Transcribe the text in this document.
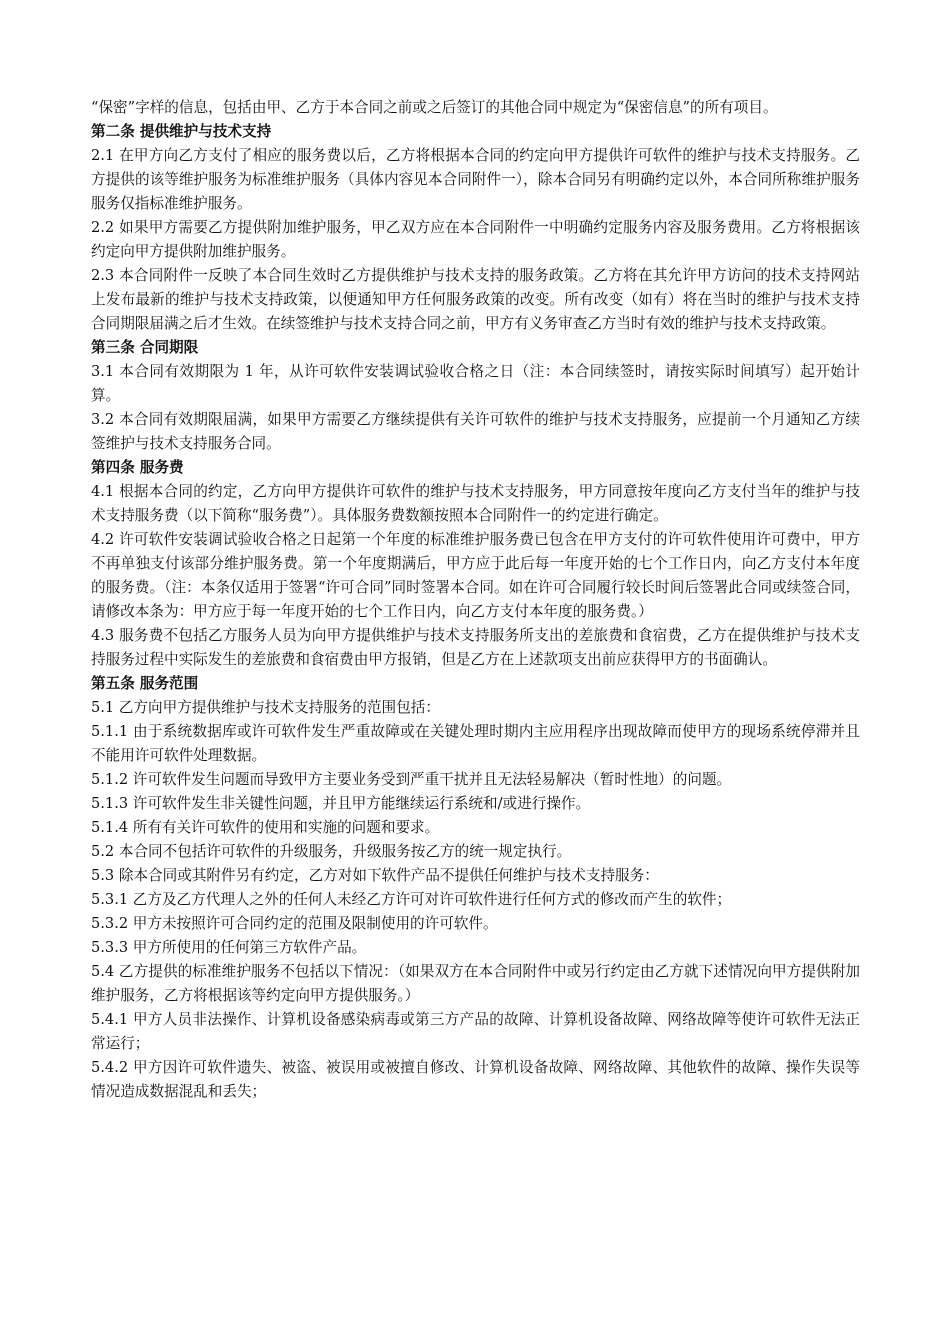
“保密”字样的信息，包括由甲、乙方于本合同之前或之后签订的其他合同中规定为“保密信息”的所有项目。

第二条 提供维护与技术支持

2.1 在甲方向乙方支付了相应的服务费以后，乙方将根据本合同的约定向甲方提供许可软件的维护与技术支持服务。乙方提供的该等维护服务为标准维护服务（具体内容见本合同附件一），除本合同另有明确约定以外，本合同所称维护服务服务仅指标准维护服务。

2.2 如果甲方需要乙方提供附加维护服务，甲乙双方应在本合同附件一中明确约定服务内容及服务费用。乙方将根据该约定向甲方提供附加维护服务。

2.3 本合同附件一反映了本合同生效时乙方提供维护与技术支持的服务政策。乙方将在其允许甲方访问的技术支持网站上发布最新的维护与技术支持政策，以便通知甲方任何服务政策的改变。所有改变（如有）将在当时的维护与技术支持合同期限届满之后才生效。在续签维护与技术支持合同之前，甲方有义务审查乙方当时有效的维护与技术支持政策。

第三条 合同期限

3.1 本合同有效期限为 1 年，从许可软件安装调试验收合格之日（注：本合同续签时，请按实际时间填写）起开始计算。

3.2 本合同有效期限届满，如果甲方需要乙方继续提供有关许可软件的维护与技术支持服务，应提前一个月通知乙方续签维护与技术支持服务合同。

第四条 服务费

4.1 根据本合同的约定，乙方向甲方提供许可软件的维护与技术支持服务，甲方同意按年度向乙方支付当年的维护与技术支持服务费（以下简称“服务费”）。具体服务费数额按照本合同附件一的约定进行确定。

4.2 许可软件安装调试验收合格之日起第一个年度的标准维护服务费已包含在甲方支付的许可软件使用许可费中，甲方不再单独支付该部分维护服务费。第一个年度期满后，甲方应于此后每一年度开始的七个工作日内，向乙方支付本年度的服务费。（注：本条仅适用于签署“许可合同”同时签署本合同。如在许可合同履行较长时间后签署此合同或续签合同，请修改本条为：甲方应于每一年度开始的七个工作日内，向乙方支付本年度的服务费。）

4.3 服务费不包括乙方服务人员为向甲方提供维护与技术支持服务所支出的差旅费和食宿费，乙方在提供维护与技术支持服务过程中实际发生的差旅费和食宿费由甲方报销，但是乙方在上述款项支出前应获得甲方的书面确认。

第五条 服务范围

5.1 乙方向甲方提供维护与技术支持服务的范围包括：

5.1.1 由于系统数据库或许可软件发生严重故障或在关键处理时期内主应用程序出现故障而使甲方的现场系统停滞并且不能用许可软件处理数据。

5.1.2 许可软件发生问题而导致甲方主要业务受到严重干扰并且无法轻易解决（暂时性地）的问题。

5.1.3 许可软件发生非关键性问题，并且甲方能继续运行系统和/或进行操作。

5.1.4 所有有关许可软件的使用和实施的问题和要求。

5.2 本合同不包括许可软件的升级服务，升级服务按乙方的统一规定执行。

5.3 除本合同或其附件另有约定，乙方对如下软件产品不提供任何维护与技术支持服务：

5.3.1 乙方及乙方代理人之外的任何人未经乙方许可对许可软件进行任何方式的修改而产生的软件；

5.3.2 甲方未按照许可合同约定的范围及限制使用的许可软件。

5.3.3 甲方所使用的任何第三方软件产品。

5.4 乙方提供的标准维护服务不包括以下情况：（如果双方在本合同附件中或另行约定由乙方就下述情况向甲方提供附加维护服务，乙方将根据该等约定向甲方提供服务。）

5.4.1 甲方人员非法操作、计算机设备感染病毒或第三方产品的故障、计算机设备故障、网络故障等使许可软件无法正常运行；

5.4.2 甲方因许可软件遗失、被盗、被误用或被擅自修改、计算机设备故障、网络故障、其他软件的故障、操作失误等情况造成数据混乱和丢失；
